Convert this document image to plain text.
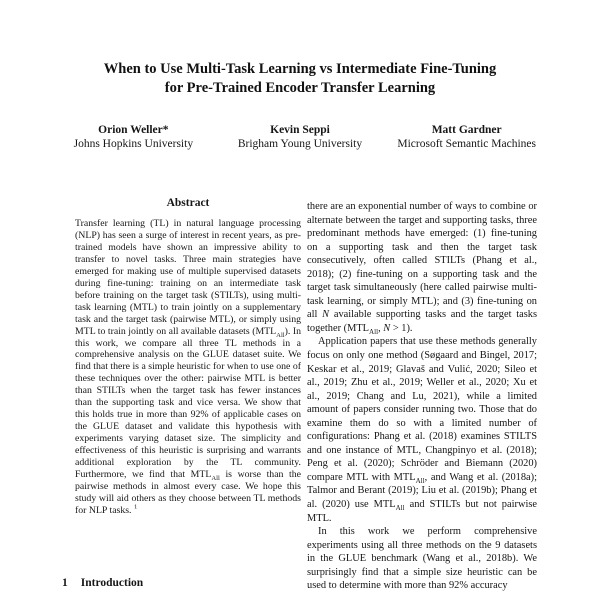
When to Use Multi-Task Learning vs Intermediate Fine-Tuning
for Pre-Trained Encoder Transfer Learning
Orion Weller*
Johns Hopkins University
Kevin Seppi
Brigham Young University
Matt Gardner
Microsoft Semantic Machines
Abstract

Transfer learning (TL) in natural language processing (NLP) has seen a surge of interest in recent years, as pre-trained models have shown an impressive ability to transfer to novel tasks. Three main strategies have emerged for making use of multiple supervised datasets during fine-tuning: training on an intermediate task before training on the target task (STILTs), using multi-task learning (MTL) to train jointly on a supplementary task and the target task (pairwise MTL), or simply using MTL to train jointly on all available datasets $(MTL_{All})$. In this work, we compare all three TL methods in a comprehensive analysis on the GLUE dataset suite. We find that there is a simple heuristic for when to use one of these techniques over the other: pairwise MTL is better than STILTs when the target task has fewer instances than the supporting task and vice versa. We show that this holds true in more than 92% of applicable cases on the GLUE dataset and validate this hypothesis with experiments varying dataset size. The simplicity and effectiveness of this heuristic is surprising and warrants additional exploration by the TL community. Furthermore, we find that $MTL_{All}$ is worse than the pairwise methods in almost every case. We hope this study will aid others as they choose between TL methods for NLP tasks. $^1$

1 Introduction

there are an exponential number of ways to combine or alternate between the target and supporting tasks, three predominant methods have emerged: (1) fine-tuning on a supporting task and then the target task consecutively, often called STILTs (Phang et al., 2018); (2) fine-tuning on a supporting task and the target task simultaneously (here called pairwise multi-task learning, or simply MTL); and (3) fine-tuning on all N available supporting tasks and the target tasks together ($MTL_{All}$, N > 1).

Application papers that use these methods generally focus on only one method (Søgaard and Bingel, 2017; Keskar et al., 2019; Glavaš and Vulić, 2020; Sileo et al., 2019; Zhu et al., 2019; Weller et al., 2020; Xu et al., 2019; Chang and Lu, 2021), while a limited amount of papers consider running two. Those that do examine them do so with a limited number of configurations: Phang et al. (2018) examines STILTS and one instance of MTL, Changpinyo et al. (2018); Peng et al. (2020); Schröder and Biemann (2020) compare MTL with $MTL_{All}$, and Wang et al. (2018a); Talmor and Berant (2019); Liu et al. (2019b); Phang et al. (2020) use $MTL_{All}$ and STILTs but not pairwise MTL.

In this work we perform comprehensive experiments using all three methods on the 9 datasets in the GLUE benchmark (Wang et al., 2018b). We surprisingly find that a simple size heuristic can be used to determine with more than 92% accuracy
